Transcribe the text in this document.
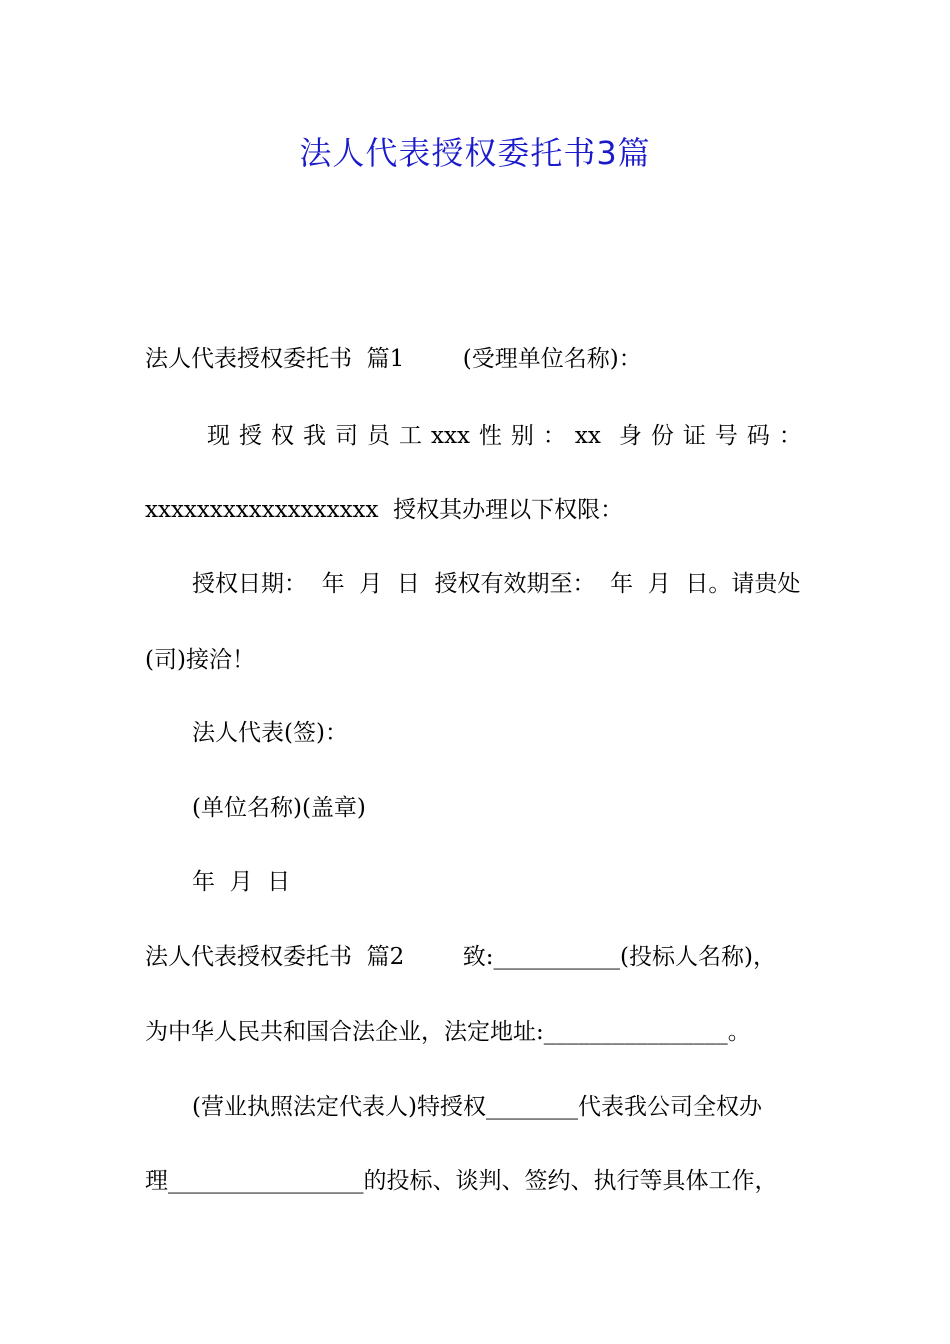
法人代表授权委托书3篇
法人代表授权委托书  篇1        (受理单位名称)：
现 授 权 我 司 员 工 xxx 性 别 ： xx 身 份 证 号 码 ：
xxxxxxxxxxxxxxxxxx  授权其办理以下权限：
授权日期：  年  月  日  授权有效期至：  年  月  日。请贵处
(司)接洽！
法人代表(签)：
(单位名称)(盖章)
年  月  日
法人代表授权委托书  篇2        致:___________(投标人名称)，
为中华人民共和国合法企业，法定地址:________________。
(营业执照法定代表人)特授权________代表我公司全权办
理_________________的投标、谈判、签约、执行等具体工作，
